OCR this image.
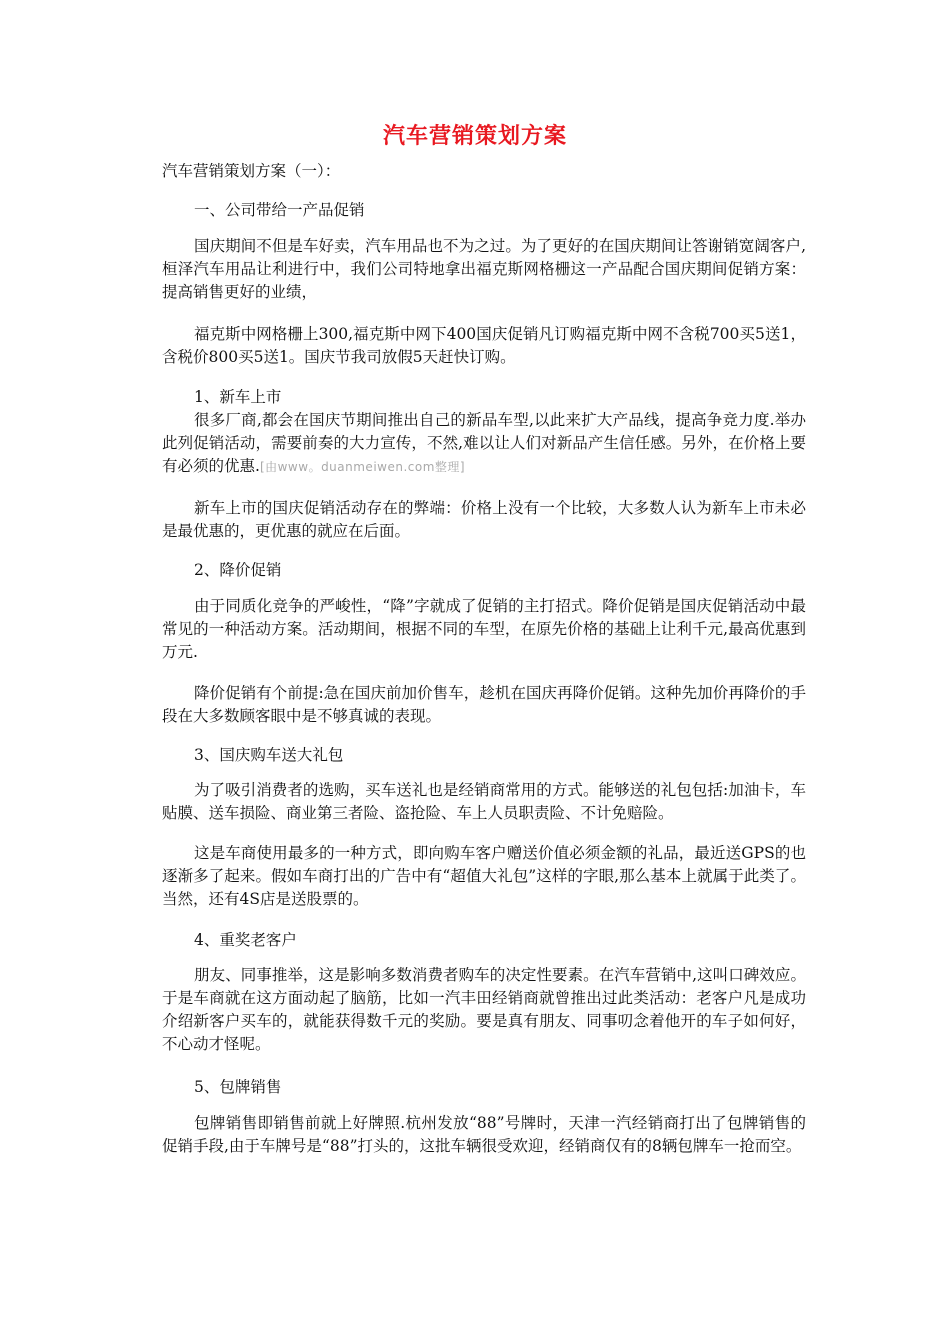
汽车营销策划方案

汽车营销策划方案（一）：

一、公司带给一产品促销

国庆期间不但是车好卖，汽车用品也不为之过。为了更好的在国庆期间让答谢销宽阔客户,桓泽汽车用品让利进行中，我们公司特地拿出福克斯网格栅这一产品配合国庆期间促销方案：提高销售更好的业绩，

福克斯中网格栅上300,福克斯中网下400国庆促销凡订购福克斯中网不含税700买5送1，含税价800买5送1。国庆节我司放假5天赶快订购。

1、新车上市

很多厂商,都会在国庆节期间推出自己的新品车型,以此来扩大产品线，提高争竞力度.举办此列促销活动，需要前奏的大力宣传，不然,难以让人们对新品产生信任感。另外，在价格上要有必须的优惠.[由www。duanmeiwen.com整理]

新车上市的国庆促销活动存在的弊端：价格上没有一个比较，大多数人认为新车上市未必是最优惠的，更优惠的就应在后面。

2、降价促销

由于同质化竞争的严峻性，“降”字就成了促销的主打招式。降价促销是国庆促销活动中最常见的一种活动方案。活动期间，根据不同的车型，在原先价格的基础上让利千元,最高优惠到万元.

降价促销有个前提:急在国庆前加价售车，趁机在国庆再降价促销。这种先加价再降价的手段在大多数顾客眼中是不够真诚的表现。

3、国庆购车送大礼包

为了吸引消费者的选购，买车送礼也是经销商常用的方式。能够送的礼包包括:加油卡，车贴膜、送车损险、商业第三者险、盗抢险、车上人员职责险、不计免赔险。

这是车商使用最多的一种方式，即向购车客户赠送价值必须金额的礼品，最近送GPS的也逐渐多了起来。假如车商打出的广告中有“超值大礼包”这样的字眼,那么基本上就属于此类了。当然，还有4S店是送股票的。

4、重奖老客户

朋友、同事推举，这是影响多数消费者购车的决定性要素。在汽车营销中,这叫口碑效应。于是车商就在这方面动起了脑筋，比如一汽丰田经销商就曾推出过此类活动：老客户凡是成功介绍新客户买车的，就能获得数千元的奖励。要是真有朋友、同事叨念着他开的车子如何好，不心动才怪呢。

5、包牌销售

包牌销售即销售前就上好牌照.杭州发放“88”号牌时，天津一汽经销商打出了包牌销售的促销手段,由于车牌号是“88”打头的，这批车辆很受欢迎，经销商仅有的8辆包牌车一抢而空。
